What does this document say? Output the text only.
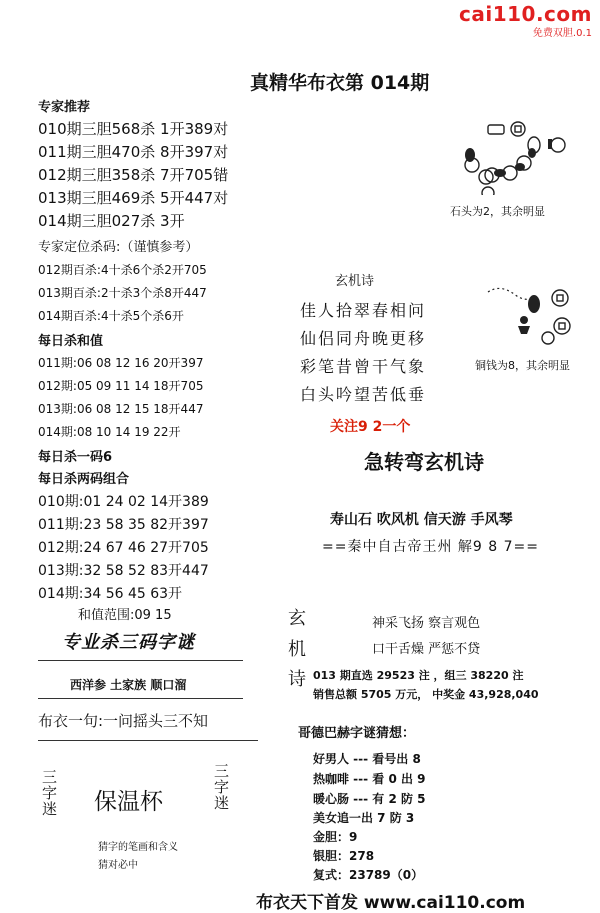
cai110.com
免费双胆.0.1
真精华布衣第 014期
专家推荐
010期三胆568杀 1开389对
011期三胆470杀 8开397对
012期三胆358杀 7开705错
013期三胆469杀 5开447对
014期三胆027杀 3开
专家定位杀码:（谨慎参考）
012期百杀:4十杀6个杀2开705
013期百杀:2十杀3个杀8开447
014期百杀:4十杀5个杀6开
每日杀和值
011期:06 08 12 16 20开397
012期:05 09 11 14 18开705
013期:06 08 12 15 18开447
014期:08 10 14 19 22开
每日杀一码6
每日杀两码组合
010期:01 24 02 14开389
011期:23 58 35 82开397
012期:24 67 46 27开705
013期:32 58 52 83开447
014期:34 56 45 63开
和值范围:09 15
专业杀三码字谜
西洋参 土家族 顺口溜
布衣一句:一问摇头三不知
三
字
迷 保温杯
三
字
迷
猜字的笔画和含义
猜对必中
石头为2，其余明显
铜钱为8，其余明显
玄机诗
佳人拾翠春相问
仙侣同舟晚更移
彩笔昔曾干气象
白头吟望苦低垂
关注9 2一个
急转弯玄机诗
寿山石 吹风机 信天游 手风琴
==秦中自古帝王州 解9 8 7==
玄
机
诗
神采飞扬 察言观色
口干舌燥 严惩不贷
013 期直选 29523 注 ，组三 38220 注
销售总额 5705 万元， 中奖金 43,928,040
哥德巴赫字谜猜想：
好男人 --- 看号出 8
热咖啡 --- 看 0 出 9
暖心肠 --- 有 2 防 5
美女追一出 7 防 3
金胆：9
银胆：278
复式：23789（0）
布衣天下首发 www.cai110.com
